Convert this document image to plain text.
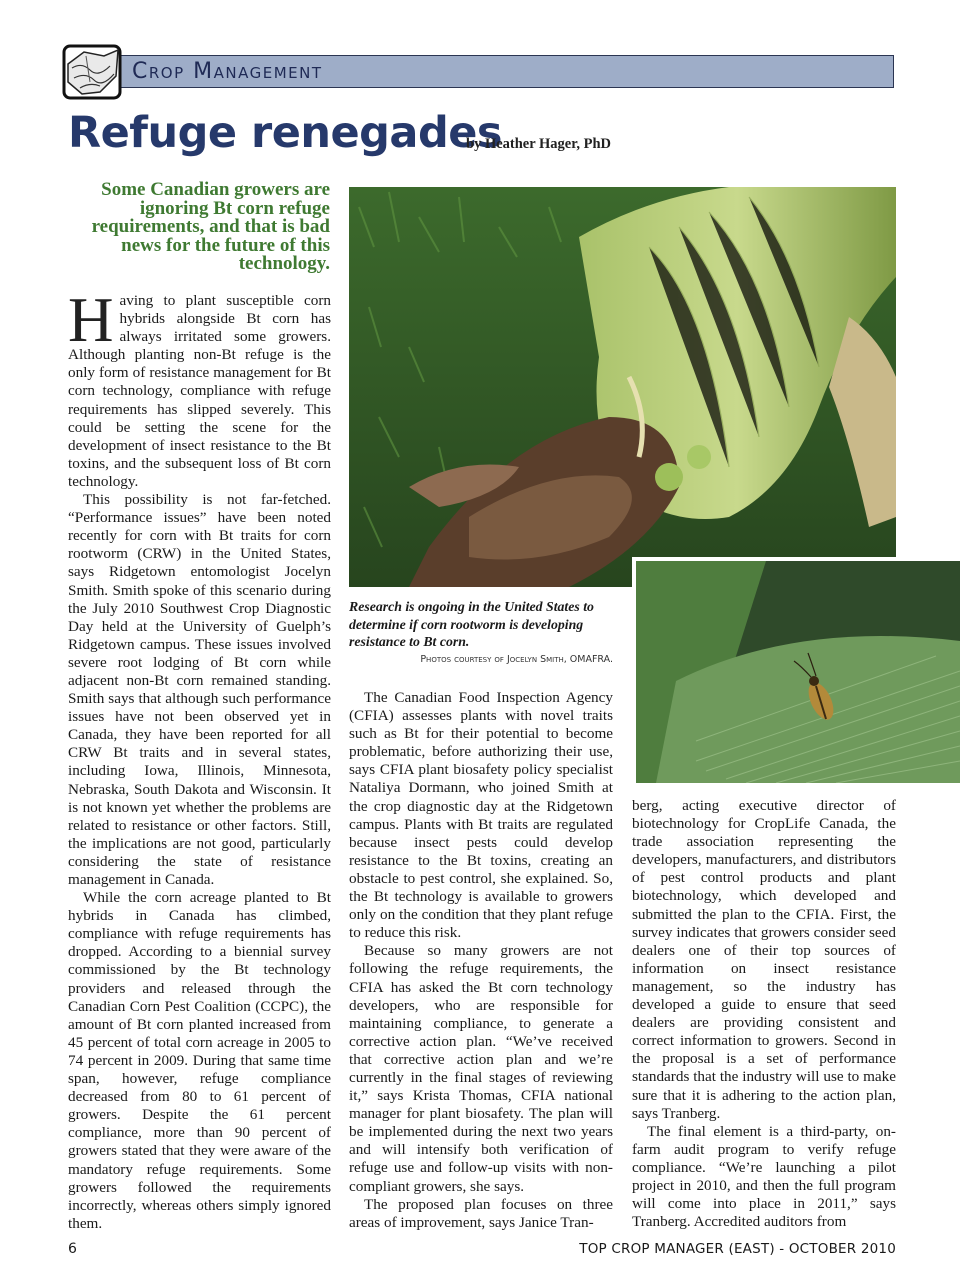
Crop Management
Refuge renegades
by Heather Hager, PhD
Some Canadian growers are ignoring Bt corn refuge requirements, and that is bad news for the future of this technology.

Having to plant susceptible corn hybrids alongside Bt corn has always irritated some growers. Although planting non-Bt refuge is the only form of resistance management for Bt corn technology, compliance with refuge requirements has slipped severely. This could be setting the scene for the development of insect resistance to the Bt toxins, and the subsequent loss of Bt corn technology.

This possibility is not far-fetched. “Performance issues” have been noted recently for corn with Bt traits for corn rootworm (CRW) in the United States, says Ridgetown entomologist Jocelyn Smith. Smith spoke of this scenario during the July 2010 Southwest Crop Diagnostic Day held at the University of Guelph’s Ridgetown campus. These issues involved severe root lodging of Bt corn while adjacent non-Bt corn remained standing. Smith says that although such performance issues have not been observed yet in Canada, they have been reported for all CRW Bt traits and in several states, including Iowa, Illinois, Minnesota, Nebraska, South Dakota and Wisconsin. It is not known yet whether the problems are related to resistance or other factors. Still, the implications are not good, particularly considering the state of resistance management in Canada.

While the corn acreage planted to Bt hybrids in Canada has climbed, compliance with refuge requirements has dropped. According to a biennial survey commissioned by the Bt technology providers and released through the Canadian Corn Pest Coalition (CCPC), the amount of Bt corn planted increased from 45 percent of total corn acreage in 2005 to 74 percent in 2009. During that same time span, however, refuge compliance decreased from 80 to 61 percent of growers. Despite the 61 percent compliance, more than 90 percent of growers stated that they were aware of the mandatory refuge requirements. Some growers followed the requirements incorrectly, whereas others simply ignored them.

Research is ongoing in the United States to determine if corn rootworm is developing resistance to Bt corn.
Photos courtesy of Jocelyn Smith, OMAFRA.

The Canadian Food Inspection Agency (CFIA) assesses plants with novel traits such as Bt for their potential to become problematic, before authorizing their use, says CFIA plant biosafety policy specialist Nataliya Dormann, who joined Smith at the crop diagnostic day at the Ridgetown campus. Plants with Bt traits are regulated because insect pests could develop resistance to the Bt toxins, creating an obstacle to pest control, she explained. So, the Bt technology is available to growers only on the condition that they plant refuge to reduce this risk.

Because so many growers are not following the refuge requirements, the CFIA has asked the Bt corn technology developers, who are responsible for maintaining compliance, to generate a corrective action plan. “We’ve received that corrective action plan and we’re currently in the final stages of reviewing it,” says Krista Thomas, CFIA national manager for plant biosafety. The plan will be implemented during the next two years and will intensify both verification of refuge use and follow-up visits with non-compliant growers, she says.

The proposed plan focuses on three areas of improvement, says Janice Tran-

berg, acting executive director of biotechnology for CropLife Canada, the trade association representing the developers, manufacturers, and distributors of pest control products and plant biotechnology, which developed and submitted the plan to the CFIA. First, the survey indicates that growers consider seed dealers one of their top sources of information on insect resistance management, so the industry has developed a guide to ensure that seed dealers are providing consistent and correct information to growers. Second in the proposal is a set of performance standards that the industry will use to make sure that it is adhering to the action plan, says Tranberg.

The final element is a third-party, on-farm audit program to verify refuge compliance. “We’re launching a pilot project in 2010, and then the full program will come into place in 2011,” says Tranberg. Accredited auditors from

6	TOP CROP MANAGER (EAST) - OCTOBER 2010
